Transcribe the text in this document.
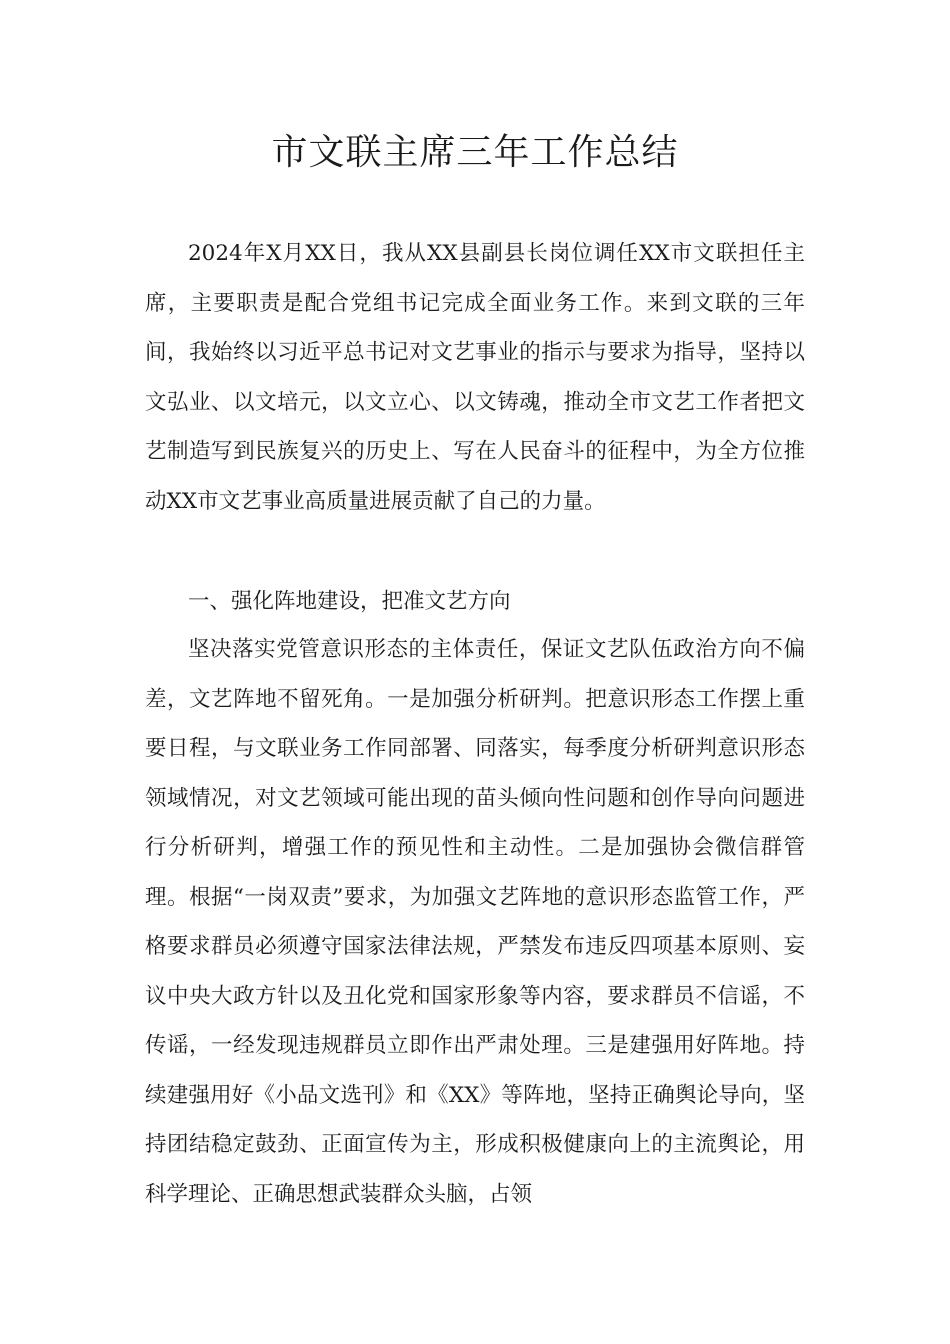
市文联主席三年工作总结

2024年X月XX日，我从XX县副县长岗位调任XX市文联担任主席，主要职责是配合党组书记完成全面业务工作。来到文联的三年间，我始终以习近平总书记对文艺事业的指示与要求为指导，坚持以文弘业、以文培元，以文立心、以文铸魂，推动全市文艺工作者把文艺制造写到民族复兴的历史上、写在人民奋斗的征程中，为全方位推动XX市文艺事业高质量进展贡献了自己的力量。

一、强化阵地建设，把准文艺方向

坚决落实党管意识形态的主体责任，保证文艺队伍政治方向不偏差，文艺阵地不留死角。一是加强分析研判。把意识形态工作摆上重要日程，与文联业务工作同部署、同落实，每季度分析研判意识形态领域情况，对文艺领域可能出现的苗头倾向性问题和创作导向问题进行分析研判，增强工作的预见性和主动性。二是加强协会微信群管理。根据“一岗双责”要求，为加强文艺阵地的意识形态监管工作，严格要求群员必须遵守国家法律法规，严禁发布违反四项基本原则、妄议中央大政方针以及丑化党和国家形象等内容，要求群员不信谣，不传谣，一经发现违规群员立即作出严肃处理。三是建强用好阵地。持续建强用好《小品文选刊》和《XX》等阵地，坚持正确舆论导向，坚持团结稳定鼓劲、正面宣传为主，形成积极健康向上的主流舆论，用科学理论、正确思想武装群众头脑，占领
